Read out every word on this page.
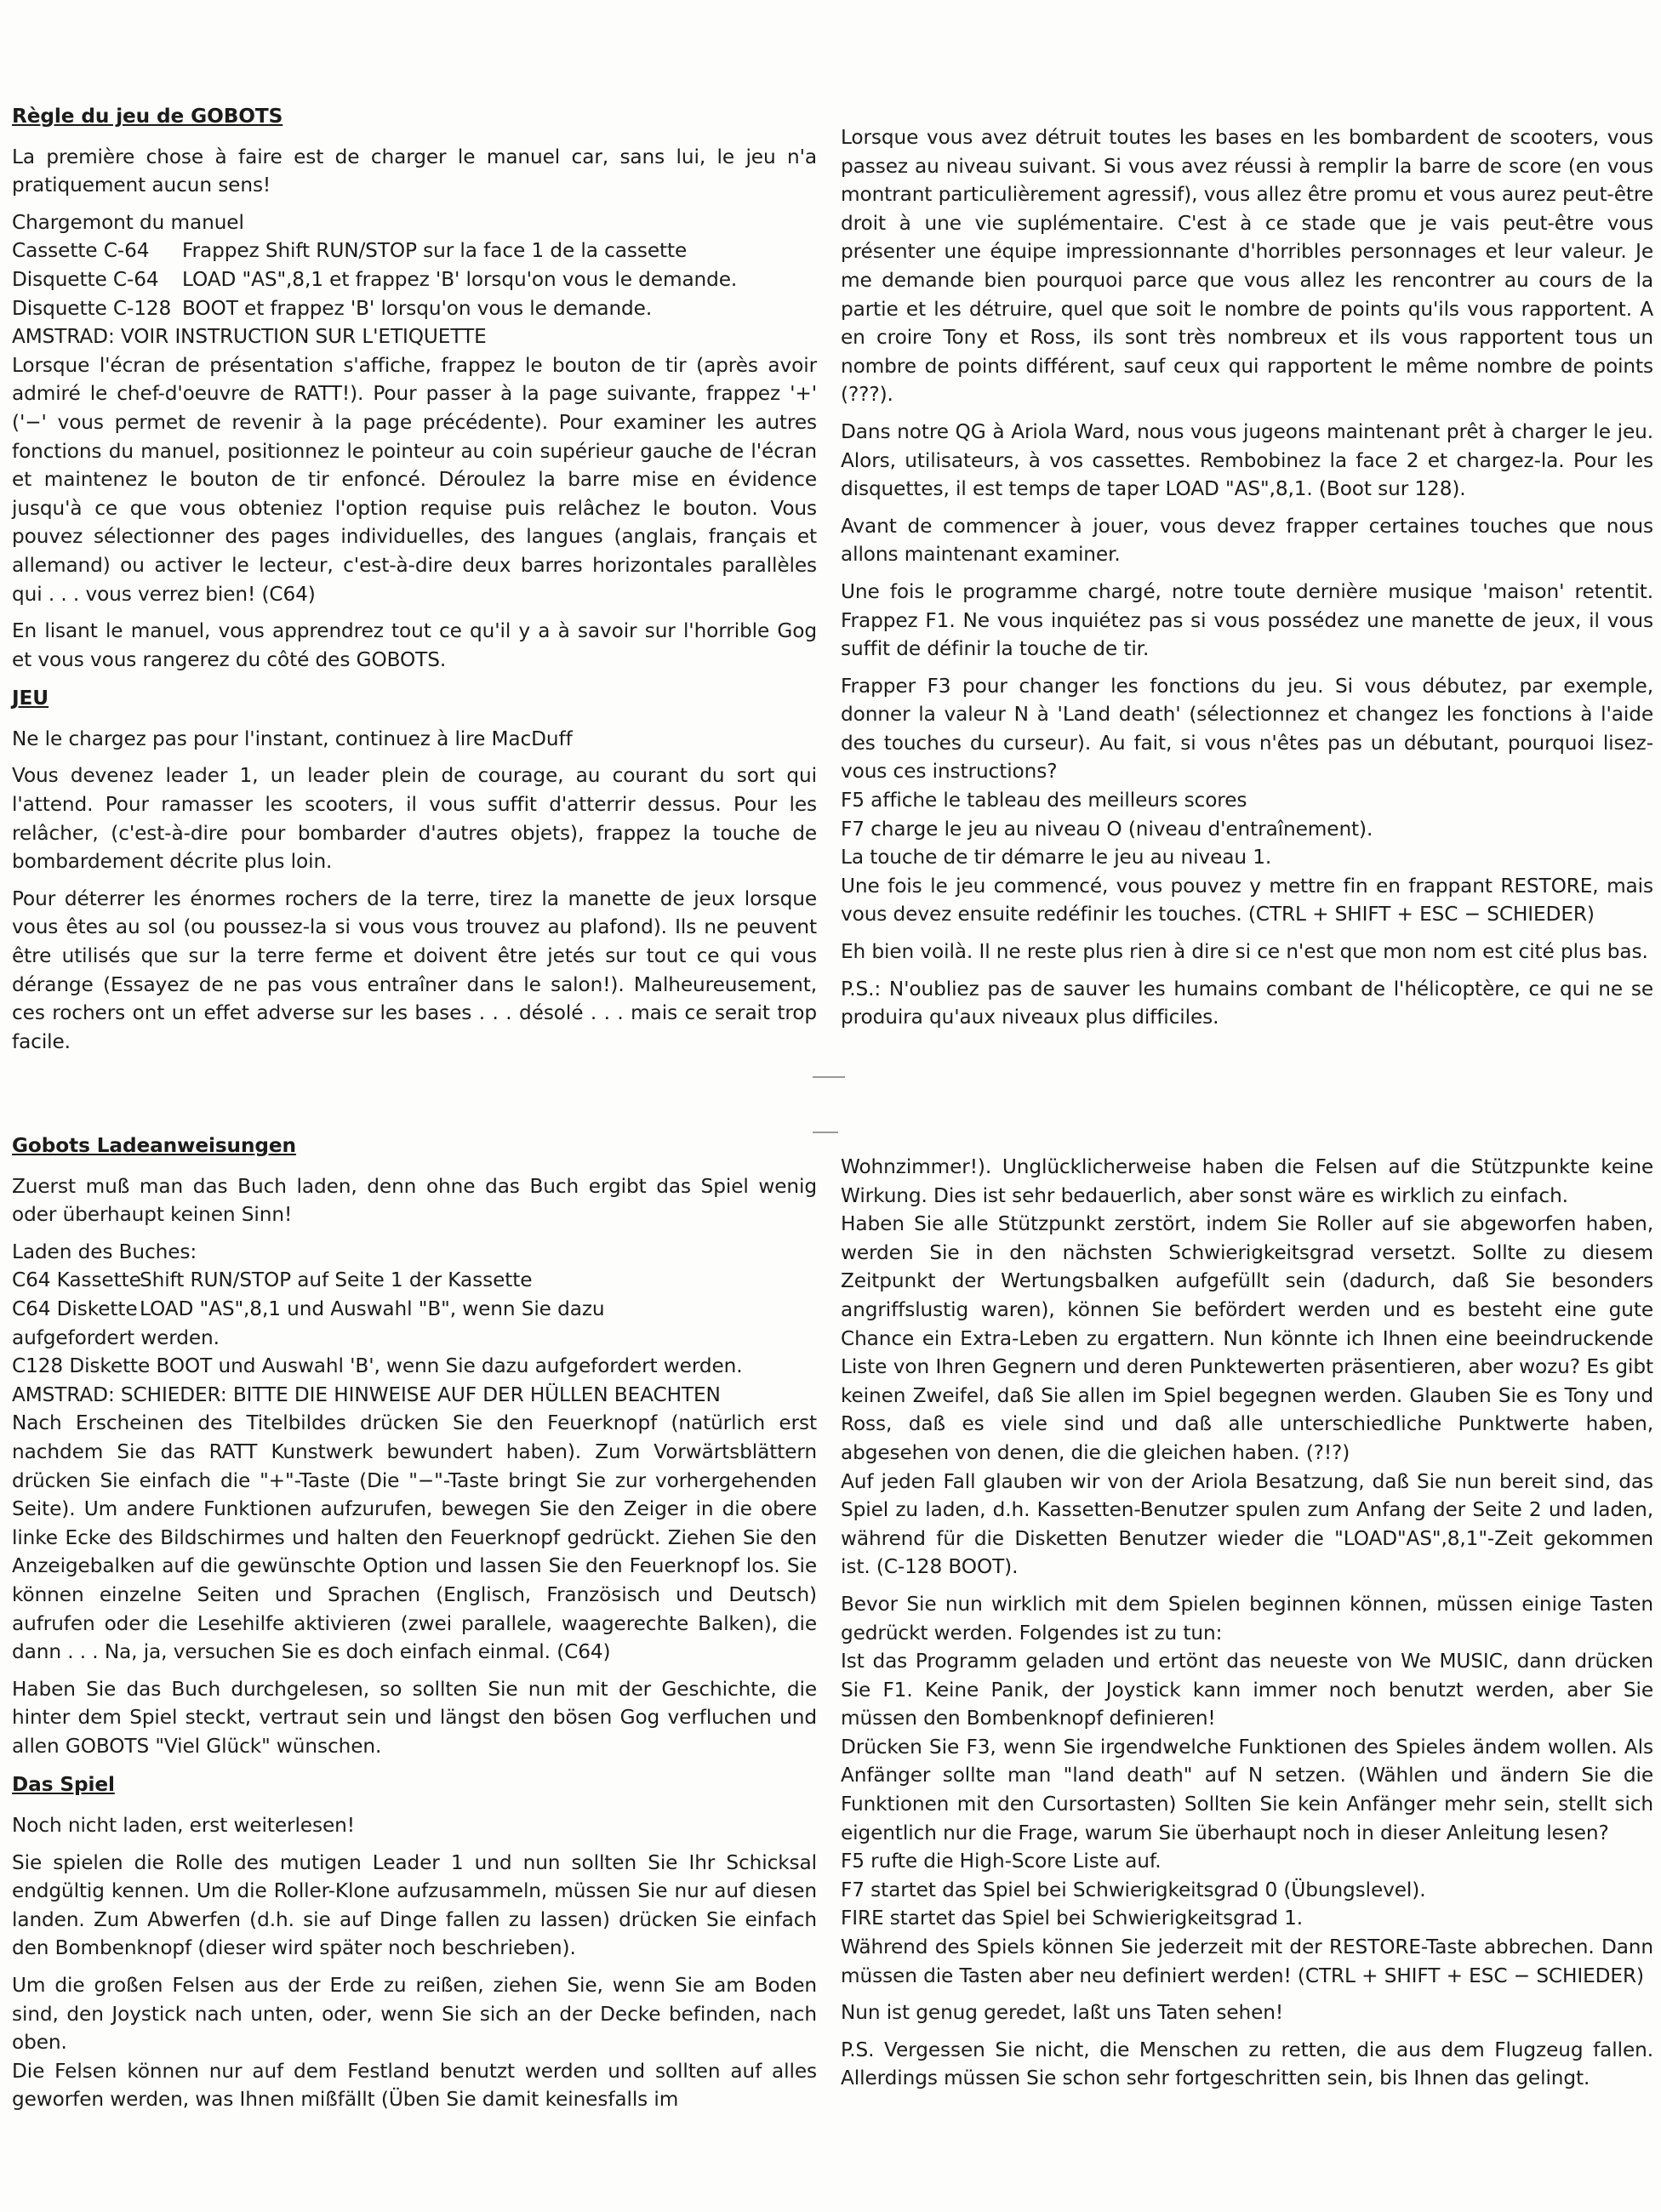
Règle du jeu de GOBOTS

La première chose à faire est de charger le manuel car, sans lui, le jeu n'a pratiquement aucun sens!

Chargemont du manuel
Cassette C-64 Frappez Shift RUN/STOP sur la face 1 de la cassette
Disquette C-64 LOAD "AS",8,1 et frappez 'B' lorsqu'on vous le demande.
Disquette C-128 BOOT et frappez 'B' lorsqu'on vous le demande.
AMSTRAD: VOIR INSTRUCTION SUR L'ETIQUETTE

Lorsque l'écran de présentation s'affiche, frappez le bouton de tir (après avoir admiré le chef-d'oeuvre de RATT!). Pour passer à la page suivante, frappez '+' ('−' vous permet de revenir à la page précédente). Pour examiner les autres fonctions du manuel, positionnez le pointeur au coin supérieur gauche de l'écran et maintenez le bouton de tir enfoncé. Déroulez la barre mise en évidence jusqu'à ce que vous obteniez l'option requise puis relâchez le bouton. Vous pouvez sélectionner des pages individuelles, des langues (anglais, français et allemand) ou activer le lecteur, c'est-à-dire deux barres horizontales parallèles qui . . . vous verrez bien! (C64)

En lisant le manuel, vous apprendrez tout ce qu'il y a à savoir sur l'horrible Gog et vous vous rangerez du côté des GOBOTS.

JEU

Ne le chargez pas pour l'instant, continuez à lire MacDuff

Vous devenez leader 1, un leader plein de courage, au courant du sort qui l'attend. Pour ramasser les scooters, il vous suffit d'atterrir dessus. Pour les relâcher, (c'est-à-dire pour bombarder d'autres objets), frappez la touche de bombardement décrite plus loin.

Pour déterrer les énormes rochers de la terre, tirez la manette de jeux lorsque vous êtes au sol (ou poussez-la si vous vous trouvez au plafond). Ils ne peuvent être utilisés que sur la terre ferme et doivent être jetés sur tout ce qui vous dérange (Essayez de ne pas vous entraîner dans le salon!). Malheureusement, ces rochers ont un effet adverse sur les bases . . . désolé . . . mais ce serait trop facile.

Lorsque vous avez détruit toutes les bases en les bombardent de scooters, vous passez au niveau suivant. Si vous avez réussi à remplir la barre de score (en vous montrant particulièrement agressif), vous allez être promu et vous aurez peut-être droit à une vie suplémentaire. C'est à ce stade que je vais peut-être vous présenter une équipe impressionnante d'horribles personnages et leur valeur. Je me demande bien pourquoi parce que vous allez les rencontrer au cours de la partie et les détruire, quel que soit le nombre de points qu'ils vous rapportent. A en croire Tony et Ross, ils sont très nombreux et ils vous rapportent tous un nombre de points différent, sauf ceux qui rapportent le même nombre de points (???).

Dans notre QG à Ariola Ward, nous vous jugeons maintenant prêt à charger le jeu. Alors, utilisateurs, à vos cassettes. Rembobinez la face 2 et chargez-la. Pour les disquettes, il est temps de taper LOAD "AS",8,1. (Boot sur 128).

Avant de commencer à jouer, vous devez frapper certaines touches que nous allons maintenant examiner.

Une fois le programme chargé, notre toute dernière musique 'maison' retentit. Frappez F1. Ne vous inquiétez pas si vous possédez une manette de jeux, il vous suffit de définir la touche de tir.

Frapper F3 pour changer les fonctions du jeu. Si vous débutez, par exemple, donner la valeur N à 'Land death' (sélectionnez et changez les fonctions à l'aide des touches du curseur). Au fait, si vous n'êtes pas un débutant, pourquoi lisez-vous ces instructions?

F5 affiche le tableau des meilleurs scores
F7 charge le jeu au niveau O (niveau d'entraînement).
La touche de tir démarre le jeu au niveau 1.

Une fois le jeu commencé, vous pouvez y mettre fin en frappant RESTORE, mais vous devez ensuite redéfinir les touches. (CTRL + SHIFT + ESC − SCHIEDER)

Eh bien voilà. Il ne reste plus rien à dire si ce n'est que mon nom est cité plus bas.

P.S.: N'oubliez pas de sauver les humains combant de l'hélicoptère, ce qui ne se produira qu'aux niveaux plus difficiles.

Gobots Ladeanweisungen

Zuerst muß man das Buch laden, denn ohne das Buch ergibt das Spiel wenig oder überhaupt keinen Sinn!

Laden des Buches:
C64 KassetteShift RUN/STOP auf Seite 1 der Kassette
C64 Diskette LOAD "AS",8,1 und Auswahl "B", wenn Sie dazu
aufgefordert werden.
C128 Diskette BOOT und Auswahl 'B', wenn Sie dazu aufgefordert werden.
AMSTRAD: SCHIEDER: BITTE DIE HINWEISE AUF DER HÜLLEN BEACHTEN

Nach Erscheinen des Titelbildes drücken Sie den Feuerknopf (natürlich erst nachdem Sie das RATT Kunstwerk bewundert haben). Zum Vorwärtsblättern drücken Sie einfach die "+"-Taste (Die "−"-Taste bringt Sie zur vorhergehenden Seite). Um andere Funktionen aufzurufen, bewegen Sie den Zeiger in die obere linke Ecke des Bildschirmes und halten den Feuerknopf gedrückt. Ziehen Sie den Anzeigebalken auf die gewünschte Option und lassen Sie den Feuerknopf los. Sie können einzelne Seiten und Sprachen (Englisch, Französisch und Deutsch) aufrufen oder die Lesehilfe aktivieren (zwei parallele, waagerechte Balken), die dann . . . Na, ja, versuchen Sie es doch einfach einmal. (C64)

Haben Sie das Buch durchgelesen, so sollten Sie nun mit der Geschichte, die hinter dem Spiel steckt, vertraut sein und längst den bösen Gog verfluchen und allen GOBOTS "Viel Glück" wünschen.

Das Spiel

Noch nicht laden, erst weiterlesen!

Sie spielen die Rolle des mutigen Leader 1 und nun sollten Sie Ihr Schicksal endgültig kennen. Um die Roller-Klone aufzusammeln, müssen Sie nur auf diesen landen. Zum Abwerfen (d.h. sie auf Dinge fallen zu lassen) drücken Sie einfach den Bombenknopf (dieser wird später noch beschrieben).

Um die großen Felsen aus der Erde zu reißen, ziehen Sie, wenn Sie am Boden sind, den Joystick nach unten, oder, wenn Sie sich an der Decke befinden, nach oben.

Die Felsen können nur auf dem Festland benutzt werden und sollten auf alles geworfen werden, was Ihnen mißfällt (Üben Sie damit keinesfalls im

Wohnzimmer!). Unglücklicherweise haben die Felsen auf die Stützpunkte keine Wirkung. Dies ist sehr bedauerlich, aber sonst wäre es wirklich zu einfach.

Haben Sie alle Stützpunkt zerstört, indem Sie Roller auf sie abgeworfen haben, werden Sie in den nächsten Schwierigkeitsgrad versetzt. Sollte zu diesem Zeitpunkt der Wertungsbalken aufgefüllt sein (dadurch, daß Sie besonders angriffslustig waren), können Sie befördert werden und es besteht eine gute Chance ein Extra-Leben zu ergattern. Nun könnte ich Ihnen eine beeindruckende Liste von Ihren Gegnern und deren Punktewerten präsentieren, aber wozu? Es gibt keinen Zweifel, daß Sie allen im Spiel begegnen werden. Glauben Sie es Tony und Ross, daß es viele sind und daß alle unterschiedliche Punktwerte haben, abgesehen von denen, die die gleichen haben. (?!?)

Auf jeden Fall glauben wir von der Ariola Besatzung, daß Sie nun bereit sind, das Spiel zu laden, d.h. Kassetten-Benutzer spulen zum Anfang der Seite 2 und laden, während für die Disketten Benutzer wieder die "LOAD"AS",8,1"-Zeit gekommen ist. (C-128 BOOT).

Bevor Sie nun wirklich mit dem Spielen beginnen können, müssen einige Tasten gedrückt werden. Folgendes ist zu tun:

Ist das Programm geladen und ertönt das neueste von We MUSIC, dann drücken Sie F1. Keine Panik, der Joystick kann immer noch benutzt werden, aber Sie müssen den Bombenknopf definieren!

Drücken Sie F3, wenn Sie irgendwelche Funktionen des Spieles ändem wollen. Als Anfänger sollte man "land death" auf N setzen. (Wählen und ändern Sie die Funktionen mit den Cursortasten) Sollten Sie kein Anfänger mehr sein, stellt sich eigentlich nur die Frage, warum Sie überhaupt noch in dieser Anleitung lesen?

F5 rufte die High-Score Liste auf.
F7 startet das Spiel bei Schwierigkeitsgrad 0 (Übungslevel).
FIRE startet das Spiel bei Schwierigkeitsgrad 1.

Während des Spiels können Sie jederzeit mit der RESTORE-Taste abbrechen. Dann müssen die Tasten aber neu definiert werden! (CTRL + SHIFT + ESC − SCHIEDER)

Nun ist genug geredet, laßt uns Taten sehen!

P.S. Vergessen Sie nicht, die Menschen zu retten, die aus dem Flugzeug fallen. Allerdings müssen Sie schon sehr fortgeschritten sein, bis Ihnen das gelingt.
